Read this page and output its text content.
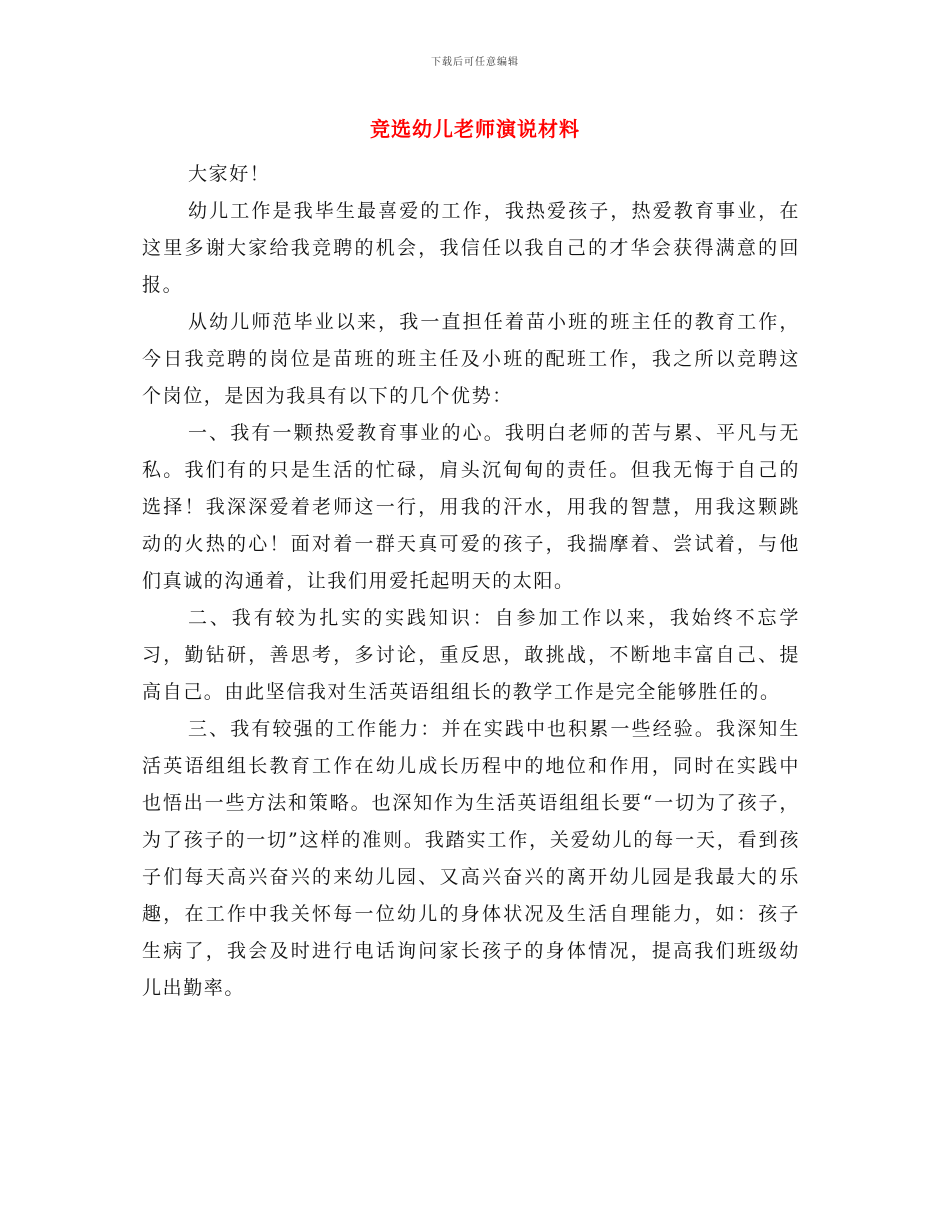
下载后可任意编辑
竞选幼儿老师演说材料

大家好！

幼儿工作是我毕生最喜爱的工作，我热爱孩子，热爱教育事业，在这里多谢大家给我竞聘的机会，我信任以我自己的才华会获得满意的回报。

从幼儿师范毕业以来，我一直担任着苗小班的班主任的教育工作，今日我竞聘的岗位是苗班的班主任及小班的配班工作，我之所以竞聘这个岗位，是因为我具有以下的几个优势：

一、我有一颗热爱教育事业的心。我明白老师的苦与累、平凡与无私。我们有的只是生活的忙碌，肩头沉甸甸的责任。但我无悔于自己的选择！我深深爱着老师这一行，用我的汗水，用我的智慧，用我这颗跳动的火热的心！面对着一群天真可爱的孩子，我揣摩着、尝试着，与他们真诚的沟通着，让我们用爱托起明天的太阳。

二、我有较为扎实的实践知识：自参加工作以来，我始终不忘学习，勤钻研，善思考，多讨论，重反思，敢挑战，不断地丰富自己、提高自己。由此坚信我对生活英语组组长的教学工作是完全能够胜任的。

三、我有较强的工作能力：并在实践中也积累一些经验。我深知生活英语组组长教育工作在幼儿成长历程中的地位和作用，同时在实践中也悟出一些方法和策略。也深知作为生活英语组组长要“一切为了孩子，为了孩子的一切”这样的准则。我踏实工作，关爱幼儿的每一天，看到孩子们每天高兴奋兴的来幼儿园、又高兴奋兴的离开幼儿园是我最大的乐趣，在工作中我关怀每一位幼儿的身体状况及生活自理能力，如：孩子生病了，我会及时进行电话询问家长孩子的身体情况，提高我们班级幼儿出勤率。
